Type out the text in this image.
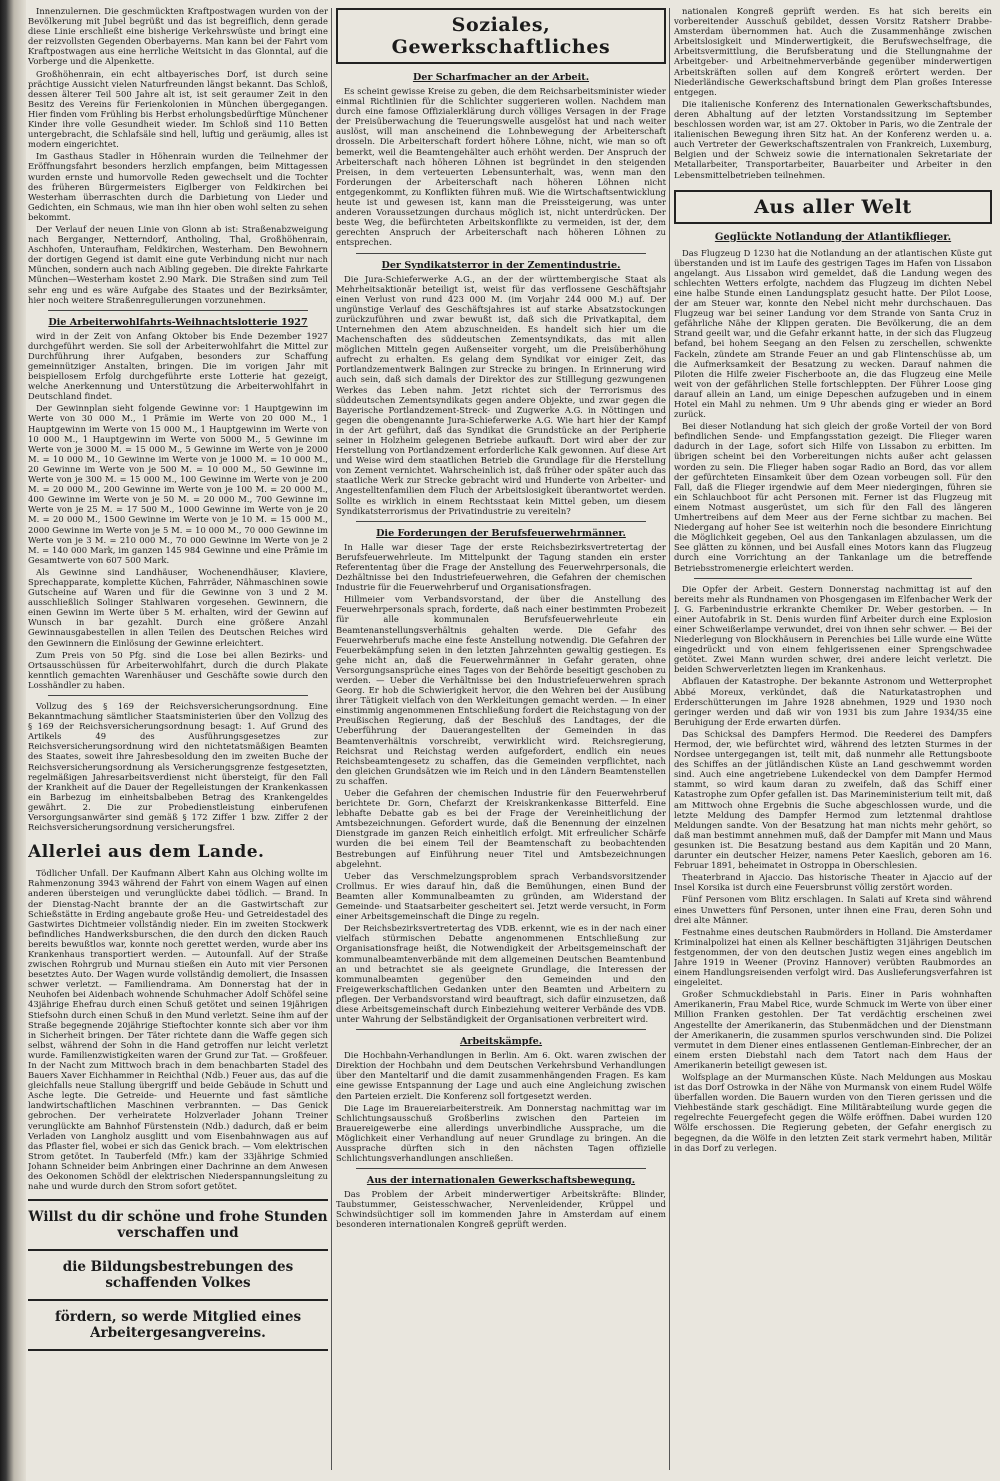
Innenzulernen. Die geschmückten Kraftpostwagen wurden von der Bevölkerung mit Jubel begrüßt und das ist begreiflich, denn gerade diese Linie erschließt eine bisherige Verkehrswüste und bringt eine der reizvollsten Gegenden Oberbayerns. Man kann bei der Fahrt vom Kraftpostwagen aus eine herrliche Weitsicht in das Glonntal, auf die Vorberge und die Alpenkette.

Großhöhenrain, ein echt altbayerisches Dorf, ist durch seine prächtige Aussicht vielen Naturfreunden längst bekannt. Das Schloß, dessen älterer Teil 500 Jahre alt ist, ist seit geraumer Zeit in den Besitz des Vereins für Ferienkolonien in München übergegangen. Hier finden vom Frühling bis Herbst erholungsbedürftige Münchener Kinder ihre volle Gesundheit wieder. Im Schloß sind 110 Betten untergebracht, die Schlafsäle sind hell, luftig und geräumig, alles ist modern eingerichtet.

Im Gasthaus Stadler in Höhenrain wurden die Teilnehmer der Eröffnungsfahrt besonders herzlich empfangen, beim Mittagessen wurden ernste und humorvolle Reden gewechselt und die Tochter des früheren Bürgermeisters Eiglberger von Feldkirchen bei Westerham überraschten durch die Darbietung von Lieder und Gedichten, ein Schmaus, wie man ihn hier oben wohl selten zu sehen bekommt.

Der Verlauf der neuen Linie von Glonn ab ist: Straßenabzweigung nach Berganger, Netterndorf, Antholing, Thal, Großhöhenrain, Aschhofen, Unteraufham, Feldkirchen, Westerham. Den Bewohnern der dortigen Gegend ist damit eine gute Verbindung nicht nur nach München, sondern auch nach Aibling gegeben. Die direkte Fahrkarte München—Westerham kostet 2.90 Mark. Die Straßen sind zum Teil sehr eng und es wäre Aufgabe des Staates und der Bezirksämter, hier noch weitere Straßenregulierungen vorzunehmen.

Die Arbeiterwohlfahrts-Weihnachtslotterie 1927

wird in der Zeit von Anfang Oktober bis Ende Dezember 1927 durchgeführt werden. Sie soll der Arbeiterwohlfahrt die Mittel zur Durchführung ihrer Aufgaben, besonders zur Schaffung gemeinnütziger Anstalten, bringen. Die im vorigen Jahr mit beispiellosem Erfolg durchgeführte erste Lotterie hat gezeigt, welche Anerkennung und Unterstützung die Arbeiterwohlfahrt in Deutschland findet.

Der Gewinnplan sieht folgende Gewinne vor: 1 Hauptgewinn im Werte von 30 000 M., 1 Prämie im Werte von 20 000 M., 1 Hauptgewinn im Werte von 15 000 M., 1 Hauptgewinn im Werte von 10 000 M., 1 Hauptgewinn im Werte von 5000 M., 5 Gewinne im Werte von je 3000 M. = 15 000 M., 5 Gewinne im Werte von je 2000 M. = 10 000 M., 10 Gewinne im Werte von je 1000 M. = 10 000 M., 20 Gewinne im Werte von je 500 M. = 10 000 M., 50 Gewinne im Werte von je 300 M. = 15 000 M., 100 Gewinne im Werte von je 200 M. = 20 000 M., 200 Gewinne im Werte von je 100 M. = 20 000 M., 400 Gewinne im Werte von je 50 M. = 20 000 M., 700 Gewinne im Werte von je 25 M. = 17 500 M., 1000 Gewinne im Werte von je 20 M. = 20 000 M., 1500 Gewinne im Werte von je 10 M. = 15 000 M., 2000 Gewinne im Werte von je 5 M. = 10 000 M., 70 000 Gewinne im Werte von je 3 M. = 210 000 M., 70 000 Gewinne im Werte von je 2 M. = 140 000 Mark, im ganzen 145 984 Gewinne und eine Prämie im Gesamtwerte von 607 500 Mark.

Als Gewinne sind Landhäuser, Wochenendhäuser, Klaviere, Sprechapparate, komplette Küchen, Fahrräder, Nähmaschinen sowie Gutscheine auf Waren und für die Gewinne von 3 und 2 M. ausschließlich Solinger Stahlwaren vorgesehen. Gewinnern, die einen Gewinn im Werte über 5 M. erhalten, wird der Gewinn auf Wunsch in bar gezahlt. Durch eine größere Anzahl Gewinnausgabestellen in allen Teilen des Deutschen Reiches wird den Gewinnern die Einlösung der Gewinne erleichtert.

Zum Preis von 50 Pfg. sind die Lose bei allen Bezirks- und Ortsausschüssen für Arbeiterwohlfahrt, durch die durch Plakate kenntlich gemachten Warenhäuser und Geschäfte sowie durch den Losshändler zu haben.

Vollzug des § 169 der Reichsversicherungsordnung. Eine Bekanntmachung sämtlicher Staatsministerien über den Vollzug des § 169 der Reichsversicherungsordnung besagt: 1. Auf Grund des Artikels 49 des Ausführungsgesetzes zur Reichsversicherungsordnung wird den nichtetatsmäßigen Beamten des Staates, soweit ihre Jahresbesoldung den im zweiten Buche der Reichsversicherungsordnung als Versicherungsgrenze festgesetzten, regelmäßigen Jahresarbeitsverdienst nicht übersteigt, für den Fall der Krankheit auf die Dauer der Regelleistungen der Krankenkassen ein Barbezug im einheitsbalbeben Betrag des Krankengeldes gewährt. 2. Die zur Probedienstleistung einberufenen Versorgungsanwärter sind gemäß § 172 Ziffer 1 bzw. Ziffer 2 der Reichsversicherungsordnung versicherungsfrei.

Allerlei aus dem Lande.

Tödlicher Unfall. Der Kaufmann Albert Kahn aus Olching wollte im Rahmenzonung 3943 während der Fahrt von einem Wagen auf einen anderen übersteigen und verunglückte dabei tödlich. — Brand. In der Dienstag-Nacht brannte der an die Gastwirtschaft zur Schießstätte in Erding angebaute große Heu- und Getreidestadel des Gastwirtes Dichtmeier vollständig nieder. Ein im zweiten Stockwerk befindliches Handwerksburschen, die den durch den dicken Rauch bereits bewußtlos war, konnte noch gerettet werden, wurde aber ins Krankenhaus transportiert werden. — Autounfall. Auf der Straße zwischen Rohrgrub und Murnau stießen ein Auto mit vier Personen besetztes Auto. Der Wagen wurde vollständig demoliert, die Insassen schwer verletzt. — Familiendrama. Am Donnerstag hat der in Neuhofen bei Aidenbach wohnende Schuhmacher Adolf Schöfel seine 43jährige Ehefrau durch einen Schuß getötet und seinen 19jährigen Stiefsohn durch einen Schuß in den Mund verletzt. Seine ihm auf der Straße begegnende 20jährige Stieftochter konnte sich aber vor ihm in Sicherheit bringen. Der Täter richtete dann die Waffe gegen sich selbst, während der Sohn in die Hand getroffen nur leicht verletzt wurde. Familienzwistigkeiten waren der Grund zur Tat. — Großfeuer. In der Nacht zum Mittwoch brach in dem benachbarten Stadel des Bauers Xaver Eichhammer in Reichthal (Ndb.) Feuer aus, das auf die gleichfalls neue Stallung übergriff und beide Gebäude in Schutt und Asche legte. Die Getreide- und Heuernte und fast sämtliche landwirtschaftlichen Maschinen verbrannten. — Das Genick gebrochen. Der verheiratete Holzverlader Johann Treiner verunglückte am Bahnhof Fürstenstein (Ndb.) dadurch, daß er beim Verladen von Langholz ausglitt und vom Eisenbahnwagen aus auf das Pflaster fiel, wobei er sich das Genick brach. — Vom elektrischen Strom getötet. In Tauberfeld (Mfr.) kam der 33jährige Schmied Johann Schneider beim Anbringen einer Dachrinne an dem Anwesen des Oekonomen Schödl der elektrischen Niederspannungsleitung zu nahe und wurde durch den Strom sofort getötet.

Willst du dir schöne und frohe Stunden verschaffen und
die Bildungsbestrebungen des schaffenden Volkes
fördern, so werde Mitglied eines Arbeitergesangvereins.
Soziales, Gewerkschaftliches
Der Scharfmacher an der Arbeit.

Es scheint gewisse Kreise zu geben, die dem Reichsarbeitsminister wieder einmal Richtlinien für die Schlichter suggerieren wollen. Nachdem man durch eine famose Offizialerklärung durch völliges Versagen in der Frage der Preisüberwachung die Teuerungswelle ausgelöst hat und nach weiter auslöst, will man anscheinend die Lohnbewegung der Arbeiterschaft drosseln. Die Arbeiterschaft fordert höhere Löhne, nicht, wie man so oft bemerkt, weil die Beamtengehälter auch erhöht werden. Der Anspruch der Arbeiterschaft nach höheren Löhnen ist begründet in den steigenden Preisen, in dem verteuerten Lebensunterhalt, was, wenn man den Forderungen der Arbeiterschaft nach höheren Löhnen nicht entgegenkommt, zu Konflikten führen muß. Wie die Wirtschaftsentwicklung heute ist und gewesen ist, kann man die Preissteigerung, was unter anderen Voraussetzungen durchaus möglich ist, nicht unterdrücken. Der beste Weg, die befürchteten Arbeitskonflikte zu vermeiden, ist der, dem gerechten Anspruch der Arbeiterschaft nach höheren Löhnen zu entsprechen.

Der Syndikatsterror in der Zementindustrie.

Die Jura-Schieferwerke A.G., an der der württembergische Staat als Mehrheitsaktionär beteiligt ist, weist für das verflossene Geschäftsjahr einen Verlust von rund 423 000 M. (im Vorjahr 244 000 M.) auf. Der ungünstige Verlauf des Geschäftsjahres ist auf starke Absatzstockungen zurückzuführen und zwar bewußt ist, daß sich die Privatkapital, dem Unternehmen den Atem abzuschneiden. Es handelt sich hier um die Machenschaften des süddeutschen Zementsyndikats, das mit allen möglichen Mitteln gegen Außenseiter vorgeht, um die Preisüberhöhung aufrecht zu erhalten. Es gelang dem Syndikat vor einiger Zeit, das Portlandzementwerk Balingen zur Strecke zu bringen. In Erinnerung wird auch sein, daß sich damals der Direktor des zur Stilllegung gezwungenen Werkes das Leben nahm. Jetzt richtet sich der Terrorismus des süddeutschen Zementsyndikats gegen andere Objekte, und zwar gegen die Bayerische Portlandzement-Streck- und Zugwerke A.G. in Nöttingen und gegen die obengenannte Jura-Schieferwerke A.G. Wie hart hier der Kampf in der Art geführt, daß das Syndikat die Grundstücke an der Peripherie seiner in Holzheim gelegenen Betriebe aufkauft. Dort wird aber der zur Herstellung von Portlandzement erforderliche Kalk gewonnen. Auf diese Art und Weise wird dem staatlichen Betrieb die Grundlage für die Herstellung von Zement vernichtet. Wahrscheinlich ist, daß früher oder später auch das staatliche Werk zur Strecke gebracht wird und Hunderte von Arbeiter- und Angestelltenfamilien dem Fluch der Arbeitslosigkeit überantwortet werden. Sollte es wirklich in einem Rechtsstaat kein Mittel geben, um diesem Syndikatsterrorismus der Privatindustrie zu vereiteln?

Die Forderungen der Berufsfeuerwehrmänner.

In Halle war dieser Tage der erste Reichsbezirksvertretertag der Berufsfeuerwehrleute. Im Mittelpunkt der Tagung standen ein erster Referententag über die Frage der Anstellung des Feuerwehrpersonals, die Dezhältnisse bei den Industriefeuerwehren, die Gefahren der chemischen Industrie für die Feuerwehrberuf und Organisationsfragen.

Hillmeier vom Verbandsvorstand, der über die Anstellung des Feuerwehrpersonals sprach, forderte, daß nach einer bestimmten Probezeit für alle kommunalen Berufsfeuerwehrleute ein Beamtenanstellungsverhältnis gehalten werde. Die Gefahr des Feuerwehrberufs mache eine feste Anstellung notwendig. Die Gefahren der Feuerbekämpfung seien in den letzten Jahrzehnten gewaltig gestiegen. Es gehe nicht an, daß die Feuerwehrmänner in Gefahr geraten, ohne Versorgungsansprüche eines Tages von der Behörde beseitigt geschoben zu werden. — Ueber die Verhältnisse bei den Industriefeuerwehren sprach Georg. Er hob die Schwierigkeit hervor, die den Wehren bei der Ausübung ihrer Tätigkeit vielfach von den Werkleitungen gemacht werden. — In einer einstimmig angenommenen Entschließung fordert die Reichstagung von der Preußischen Regierung, daß der Beschluß des Landtages, der die Ueberführung der Dauerangestellten der Gemeinden in das Beamtenverhältnis vorschreibt, verwirklicht wird. Reichsregierung, Reichsrat und Reichstag werden aufgefordert, endlich ein neues Reichsbeamtengesetz zu schaffen, das die Gemeinden verpflichtet, nach den gleichen Grundsätzen wie im Reich und in den Ländern Beamtenstellen zu schaffen.

Ueber die Gefahren der chemischen Industrie für den Feuerwehrberuf berichtete Dr. Gorn, Chefarzt der Kreiskrankenkasse Bitterfeld. Eine lebhafte Debatte gab es bei der Frage der Vereinheitlichung der Amtsbezeichnungen. Gefordert wurde, daß die Benennung der einzelnen Dienstgrade im ganzen Reich einheitlich erfolgt. Mit erfreulicher Schärfe wurden die bei einem Teil der Beamtenschaft zu beobachtenden Bestrebungen auf Einführung neuer Titel und Amtsbezeichnungen abgelehnt.

Ueber das Verschmelzungsproblem sprach Verbandsvorsitzender Crollmus. Er wies darauf hin, daß die Bemühungen, einen Bund der Beamten aller Kommunalbeamten zu gründen, am Widerstand der Gemeinde- und Staatsarbeiter gescheitert sei. Jetzt werde versucht, in Form einer Arbeitsgemeinschaft die Dinge zu regeln.

Der Reichsbezirksvertretertag des VDB. erkennt, wie es in der nach einer vielfach stürmischen Debatte angenommenen Entschließung zur Organisationsfrage heißt, die Notwendigkeit der Arbeitsgemeinschaft der kommunalbeamtenverbände mit dem allgemeinen Deutschen Beamtenbund an und betrachtet sie als geeignete Grundlage, die Interessen der kommunalbeamten gegenüber den Gemeinden und den Freigewerkschaftlichen Gedanken unter den Beamten und Arbeitern zu pflegen. Der Verbandsvorstand wird beauftragt, sich dafür einzusetzen, daß diese Arbeitsgemeinschaft durch Einbeziehung weiterer Verbände des VDB. unter Wahrung der Selbständigkeit der Organisationen verbreitert wird.

Arbeitskämpfe.

Die Hochbahn-Verhandlungen in Berlin. Am 6. Okt. waren zwischen der Direktion der Hochbahn und dem Deutschen Verkehrsbund Verhandlungen über den Manteltarif und die damit zusammenhängenden Fragen. Es kam eine gewisse Entspannung der Lage und auch eine Angleichung zwischen den Parteien erzielt. Die Konferenz soll fortgesetzt werden.

Die Lage im Brauereiarbeiterstreik. Am Donnerstag nachmittag war im Schlichtungsausschuß Großberlins zwischen den Parteien im Brauereigewerbe eine allerdings unverbindliche Aussprache, um die Möglichkeit einer Verhandlung auf neuer Grundlage zu bringen. An die Aussprache dürften sich in den nächsten Tagen offizielle Schlichtungsverhandlungen anschließen.

Aus der internationalen Gewerkschaftsbewegung.

Das Problem der Arbeit minderwertiger Arbeitskräfte: Blinder, Taubstummer, Geistesschwacher, Nervenleidender, Krüppel und Schwindsüchtiger soll im kommenden Jahre in Amsterdam auf einem besonderen internationalen Kongreß geprüft werden.

nationalen Kongreß geprüft werden. Es hat sich bereits ein vorbereitender Ausschuß gebildet, dessen Vorsitz Ratsherr Drabbe-Amsterdam übernommen hat. Auch die Zusammenhänge zwischen Arbeitslosigkeit und Minderwertigkeit, die Berufswechselfrage, die Arbeitsvermittlung, die Berufsberatung und die Stellungnahme der Arbeitgeber- und Arbeitnehmerverbände gegenüber minderwertigen Arbeitskräften sollen auf dem Kongreß erörtert werden. Der Niederländische Gewerkschaftsbund bringt dem Plan großes Interesse entgegen.

Die italienische Konferenz des Internationalen Gewerkschaftsbundes, deren Abhaltung auf der letzten Vorstandssitzung im September beschlossen worden war, ist am 27. Oktober in Paris, wo die Zentrale der italienischen Bewegung ihren Sitz hat. An der Konferenz werden u. a. auch Vertreter der Gewerkschaftszentralen von Frankreich, Luxemburg, Belgien und der Schweiz sowie die internationalen Sekretariate der Metallarbeiter, Transportarbeiter, Bauarbeiter und Arbeiter in den Lebensmittelbetrieben teilnehmen.

Aus aller Welt
Geglückte Notlandung der Atlantikflieger.

Das Flugzeug D 1230 hat die Notlandung an der atlantischen Küste gut überstanden und ist im Laufe des gestrigen Tages im Hafen von Lissabon angelangt. Aus Lissabon wird gemeldet, daß die Landung wegen des schlechten Wetters erfolgte, nachdem das Flugzeug im dichten Nebel eine halbe Stunde einen Landungsplatz gesucht hatte. Der Pilot Loose, der am Steuer war, konnte den Nebel nicht mehr durchschauen. Das Flugzeug war bei seiner Landung vor dem Strande von Santa Cruz in gefährliche Nähe der Klippen geraten. Die Bevölkerung, die an dem Strand geeilt war, und die Gefahr erkannt hatte, in der sich das Flugzeug befand, bei hohem Seegang an den Felsen zu zerschellen, schwenkte Fackeln, zündete am Strande Feuer an und gab Flintenschüsse ab, um die Aufmerksamkeit der Besatzung zu wecken. Darauf nahmen die Piloten die Hilfe zweier Fischerboote an, die das Flugzeug eine Meile weit von der gefährlichen Stelle fortschleppten. Der Führer Loose ging darauf allein an Land, um einige Depeschen aufzugeben und in einem Hotel ein Mahl zu nehmen. Um 9 Uhr abends ging er wieder an Bord zurück.

Bei dieser Notlandung hat sich gleich der große Vorteil der von Bord befindlichen Sende- und Empfangsstation gezeigt. Die Flieger waren dadurch in der Lage, sofort sich Hilfe von Lissabon zu erbitten. Im übrigen scheint bei den Vorbereitungen nichts außer acht gelassen worden zu sein. Die Flieger haben sogar Radio an Bord, das vor allem der gefürchteten Einsamkeit über dem Ozean vorbeugen soll. Für den Fall, daß die Flieger irgendwie auf dem Meer niedergingen, führen sie ein Schlauchboot für acht Personen mit. Ferner ist das Flugzeug mit einem Notmast ausgerüstet, um sich für den Fall des längeren Umhertreibens auf dem Meer aus der Ferne sichtbar zu machen. Bei Niedergang auf hoher See ist weiterhin noch die besondere Einrichtung die Möglichkeit gegeben, Oel aus den Tankanlagen abzulassen, um die See glätten zu können, und bei Ausfall eines Motors kann das Flugzeug durch eine Vorrichtung an der Tankanlage um die betreffende Betriebsstromenergie erleichtert werden.

Die Opfer der Arbeit. Gestern Donnerstag nachmittag ist auf den bereits mehr als Rundnamen von Phosgengasen im Elfenbacher Werk der J. G. Farbenindustrie erkrankte Chemiker Dr. Weber gestorben. — In einer Autofabrik in St. Denis wurden fünf Arbeiter durch eine Explosion einer Schweißerlampe verwundet, drei von ihnen sehr schwer. — Bei der Niederlegung von Blockhäusern in Perenchies bei Lille wurde eine Wütte eingedrückt und von einem fehlgerissenen einer Sprengschwadee getötet. Zwei Mann wurden schwer, drei andere leicht verletzt. Die beiden Schwerverletzten liegen im Krankenhaus.

Abflauen der Katastrophe. Der bekannte Astronom und Wetterprophet Abbé Moreux, verkündet, daß die Naturkatastrophen und Erderschütterungen im Jahre 1928 abnehmen, 1929 und 1930 noch geringer werden und daß wir von 1931 bis zum Jahre 1934/35 eine Beruhigung der Erde erwarten dürfen.

Das Schicksal des Dampfers Hermod. Die Reederei des Dampfers Hermod, der, wie befürchtet wird, während des letzten Sturmes in der Nordsee untergegangen ist, teilt mit, daß nunmehr alle Rettungsboote des Schiffes an der jütländischen Küste an Land geschwemmt worden sind. Auch eine angetriebene Lukendeckel von dem Dampfer Hermod stammt, so wird kaum daran zu zweifeln, daß das Schiff einer Katastrophe zum Opfer gefallen ist. Das Marineministerium teilt mit, daß am Mittwoch ohne Ergebnis die Suche abgeschlossen wurde, und die letzte Meldung des Dampfer Hermod zum letztenmal drahtlose Meldungen sandte. Von der Besatzung hat man nichts mehr gehört, so daß man bestimmt annehmen muß, daß der Dampfer mit Mann und Maus gesunken ist. Die Besatzung bestand aus dem Kapitän und 20 Mann, darunter ein deutscher Heizer, namens Peter Kaeslich, geboren am 16. Februar 1891, beheimatet in Ostroppa in Oberschlesien.

Theaterbrand in Ajaccio. Das historische Theater in Ajaccio auf der Insel Korsika ist durch eine Feuersbrunst völlig zerstört worden.

Fünf Personen vom Blitz erschlagen. In Salati auf Kreta sind während eines Unwetters fünf Personen, unter ihnen eine Frau, deren Sohn und drei alte Männer.

Festnahme eines deutschen Raubmörders in Holland. Die Amsterdamer Kriminalpolizei hat einen als Kellner beschäftigten 31jährigen Deutschen festgenommen, der von den deutschen Justiz wegen eines angeblich im Jahre 1919 in Weener (Provinz Hannover) verübten Raubmordes an einem Handlungsreisenden verfolgt wird. Das Auslieferungsverfahren ist eingeleitet.

Großer Schmuckdiebstahl in Paris. Einer in Paris wohnhaften Amerikanerin, Frau Mabel Rice, wurde Schmuck im Werte von über einer Million Franken gestohlen. Der Tat verdächtig erscheinen zwei Angestellte der Amerikanerin, das Stubenmädchen und der Dienstmann der Amerikanerin, die zusammen spurlos verschwunden sind. Die Polizei vermutet in dem Diener eines entlassenen Gentleman-Einbrecher, der an einem ersten Diebstahl nach dem Tatort nach dem Haus der Amerikanerin beteiligt gewesen ist.

Wolfsplage an der Murmanschen Küste. Nach Meldungen aus Moskau ist das Dorf Ostrowka in der Nähe von Murmansk von einem Rudel Wölfe überfallen worden. Die Bauern wurden von den Tieren gerissen und die Viehbestände stark geschädigt. Eine Militärabteilung wurde gegen die regelrechte Feuergefecht gegen die Wölfe eröffnen. Dabei wurden 120 Wölfe erschossen. Die Regierung gebeten, der Gefahr energisch zu begegnen, da die Wölfe in den letzten Zeit stark vermehrt haben, Militär in das Dorf zu verlegen.
